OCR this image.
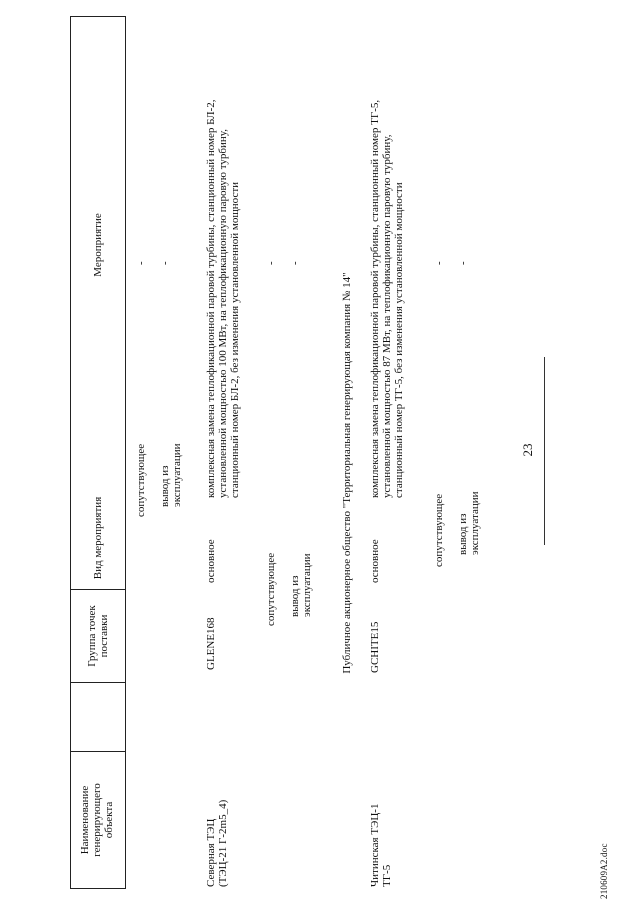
23
210609A2.doc
Наименование генерирующего объекта
Группа точек поставки
Вид мероприятия
Мероприятие
сопутствующее
-
вывод из эксплуатации
-
Северная ТЭЦ (ТЭЦ-21 Г-2m5_4)
GLENE168
основное
комплексная замена теплофикационной паровой турбины, станционный номер БЛ-2, установленной мощностью 100 МВт, на теплофикационную паровую турбину, станционный номер БЛ-2, без изменения установленной мощности
сопутствующее
-
вывод из эксплуатации
-
Публичное акционерное общество "Территориальная генерирующая компания № 14"
Читинская ТЭЦ-1 ТГ-5
GCHITE15
основное
комплексная замена теплофикационной паровой турбины, станционный номер ТГ-5, установленной мощностью 87 МВт, на теплофикационную паровую турбину, станционный номер ТГ-5, без изменения установленной мощности
сопутствующее
-
вывод из эксплуатации
-
